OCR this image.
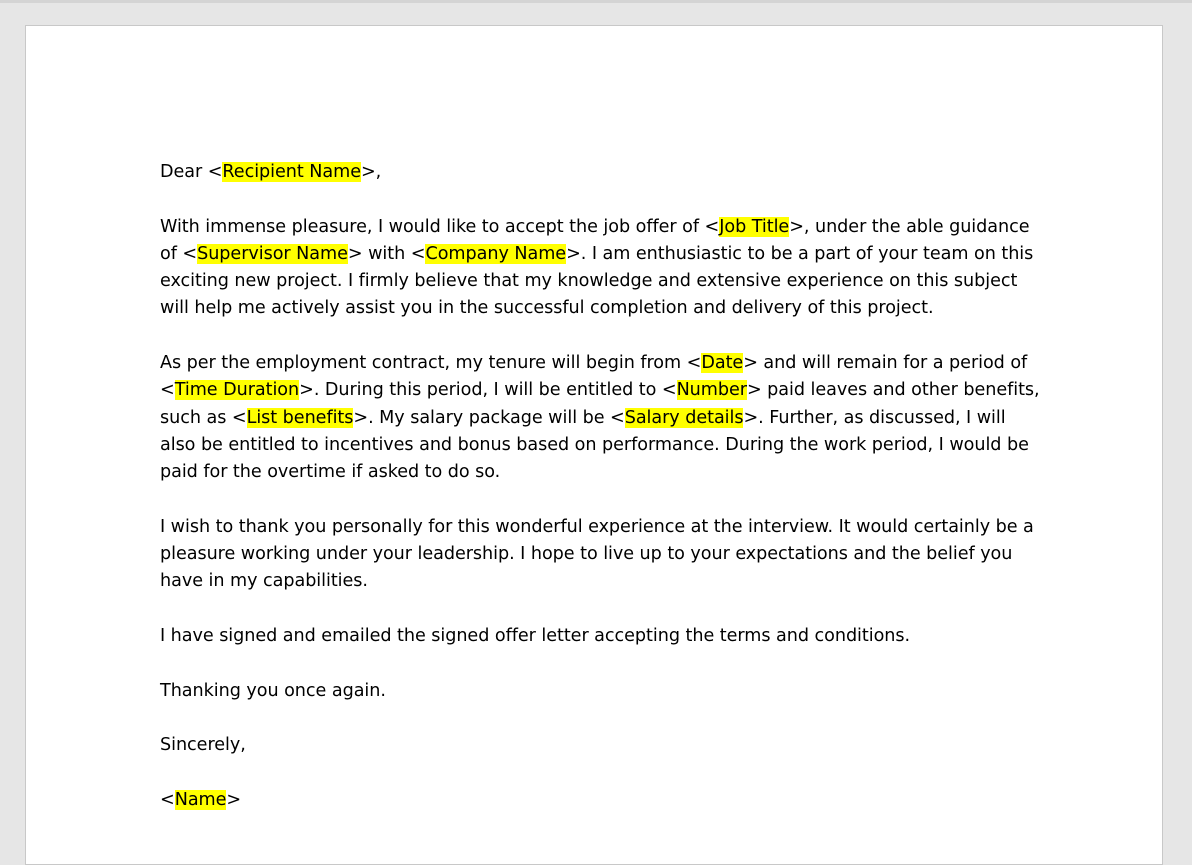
Dear <Recipient Name>,

With immense pleasure, I would like to accept the job offer of <Job Title>, under the able guidance of <Supervisor Name> with <Company Name>. I am enthusiastic to be a part of your team on this exciting new project. I firmly believe that my knowledge and extensive experience on this subject will help me actively assist you in the successful completion and delivery of this project.

As per the employment contract, my tenure will begin from <Date> and will remain for a period of <Time Duration>. During this period, I will be entitled to <Number> paid leaves and other benefits, such as <List benefits>. My salary package will be <Salary details>. Further, as discussed, I will also be entitled to incentives and bonus based on performance. During the work period, I would be paid for the overtime if asked to do so.

I wish to thank you personally for this wonderful experience at the interview. It would certainly be a pleasure working under your leadership. I hope to live up to your expectations and the belief you have in my capabilities.

I have signed and emailed the signed offer letter accepting the terms and conditions.

Thanking you once again.

Sincerely,

<Name>
